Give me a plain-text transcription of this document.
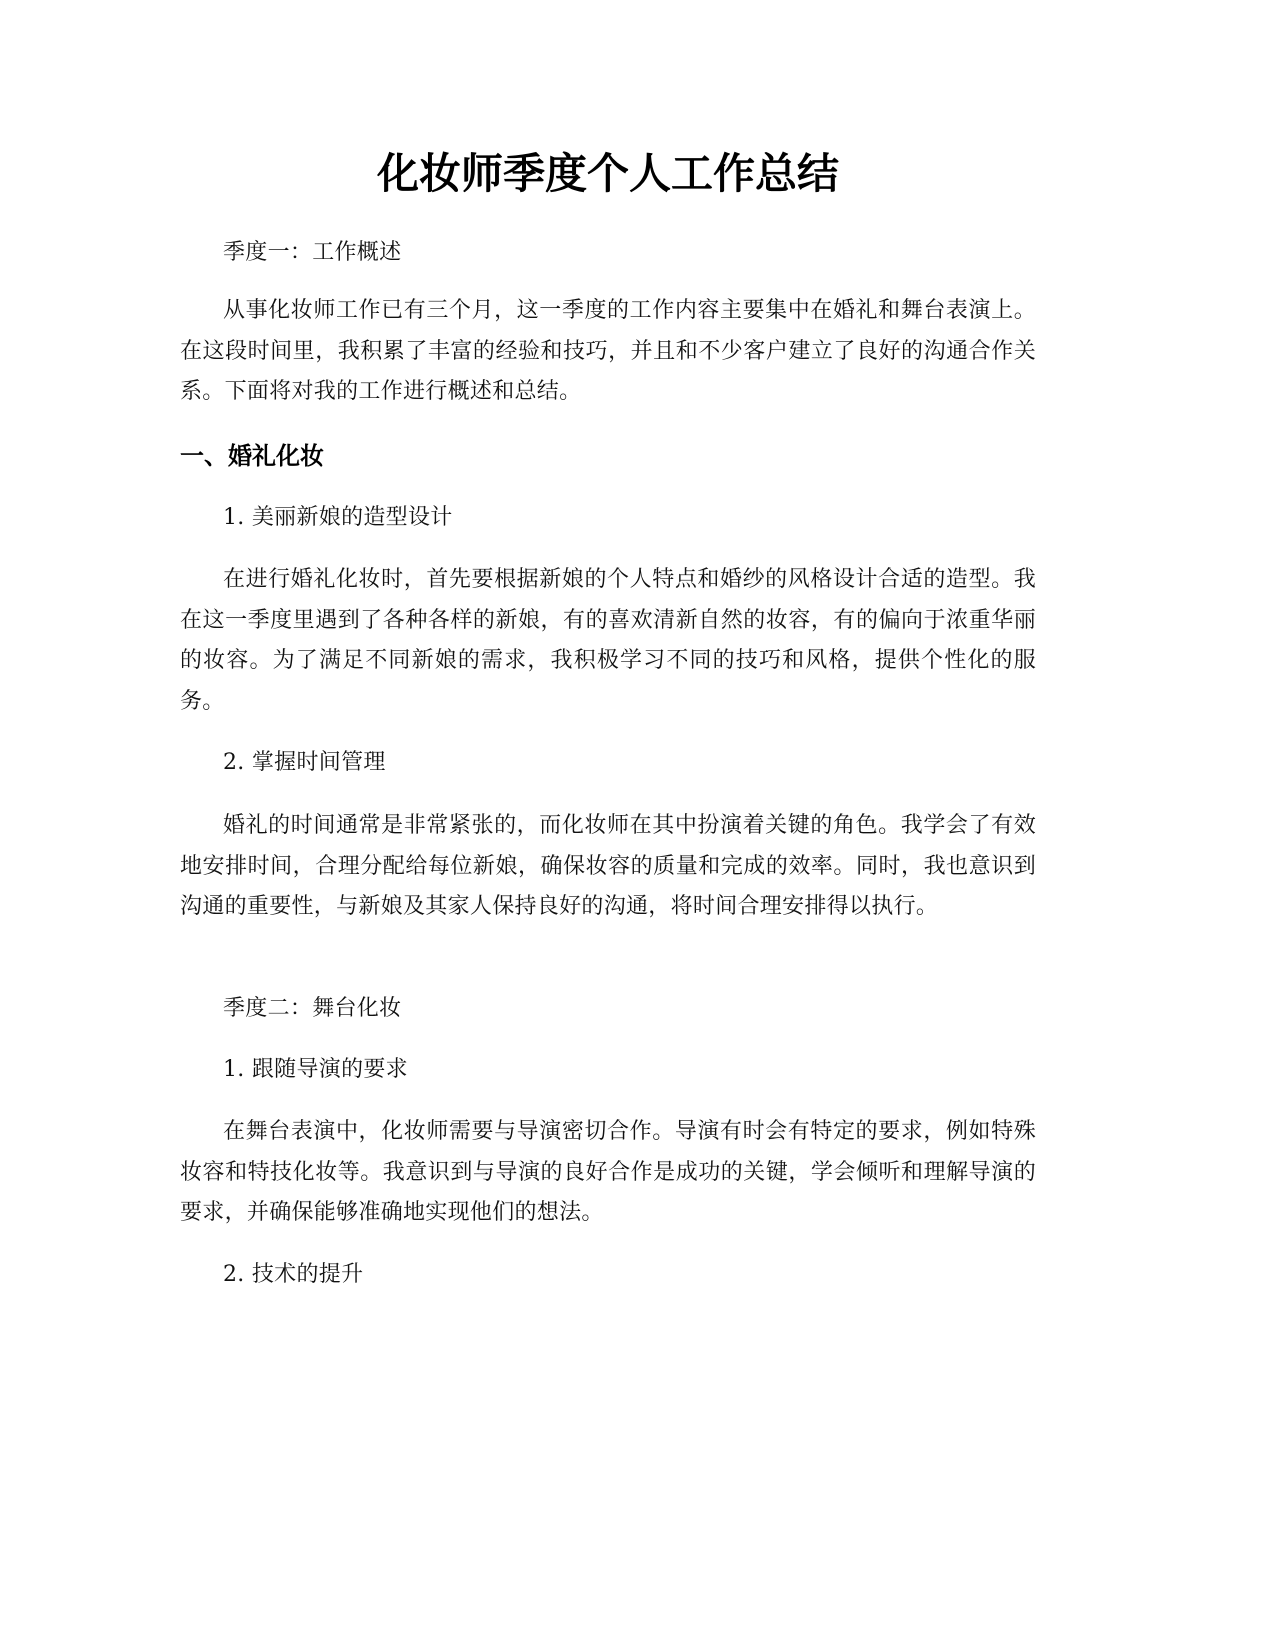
化妆师季度个人工作总结

季度一：工作概述

从事化妆师工作已有三个月，这一季度的工作内容主要集中在婚礼和舞台表演上。在这段时间里，我积累了丰富的经验和技巧，并且和不少客户建立了良好的沟通合作关系。下面将对我的工作进行概述和总结。

一、婚礼化妆

1. 美丽新娘的造型设计

在进行婚礼化妆时，首先要根据新娘的个人特点和婚纱的风格设计合适的造型。我在这一季度里遇到了各种各样的新娘，有的喜欢清新自然的妆容，有的偏向于浓重华丽的妆容。为了满足不同新娘的需求，我积极学习不同的技巧和风格，提供个性化的服务。

2. 掌握时间管理

婚礼的时间通常是非常紧张的，而化妆师在其中扮演着关键的角色。我学会了有效地安排时间，合理分配给每位新娘，确保妆容的质量和完成的效率。同时，我也意识到沟通的重要性，与新娘及其家人保持良好的沟通，将时间合理安排得以执行。

季度二：舞台化妆

1. 跟随导演的要求

在舞台表演中，化妆师需要与导演密切合作。导演有时会有特定的要求，例如特殊妆容和特技化妆等。我意识到与导演的良好合作是成功的关键，学会倾听和理解导演的要求，并确保能够准确地实现他们的想法。

2. 技术的提升
